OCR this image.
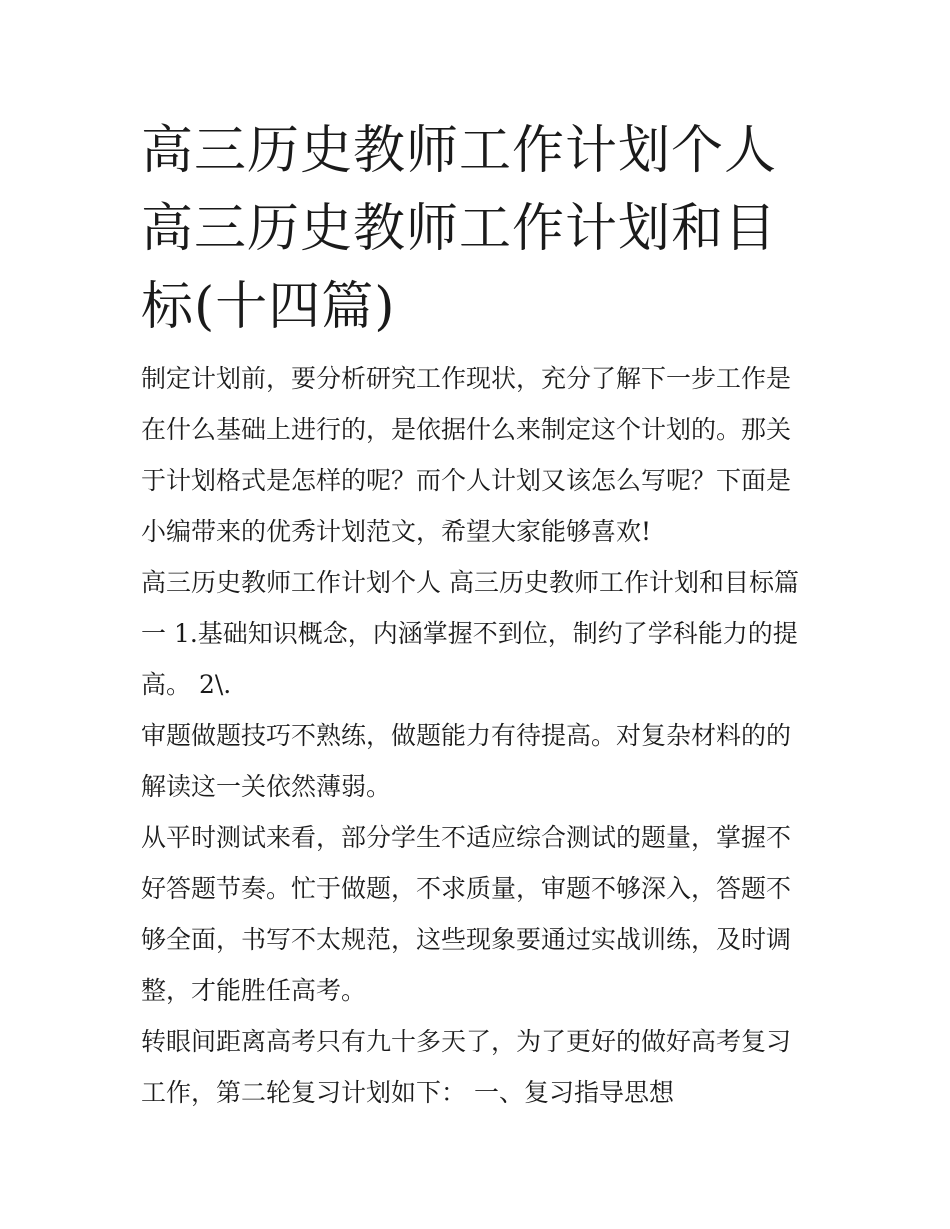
高三历史教师工作计划个人 高三历史教师工作计划和目标(十四篇)

制定计划前，要分析研究工作现状，充分了解下一步工作是在什么基础上进行的，是依据什么来制定这个计划的。那关于计划格式是怎样的呢？而个人计划又该怎么写呢？下面是小编带来的优秀计划范文，希望大家能够喜欢!

高三历史教师工作计划个人 高三历史教师工作计划和目标篇一 1.基础知识概念，内涵掌握不到位，制约了学科能力的提高。 2\.

审题做题技巧不熟练，做题能力有待提高。对复杂材料的的解读这一关依然薄弱。

从平时测试来看，部分学生不适应综合测试的题量，掌握不好答题节奏。忙于做题，不求质量，审题不够深入，答题不够全面，书写不太规范，这些现象要通过实战训练，及时调整，才能胜任高考。

转眼间距离高考只有九十多天了，为了更好的做好高考复习工作，第二轮复习计划如下： 一、复习指导思想
